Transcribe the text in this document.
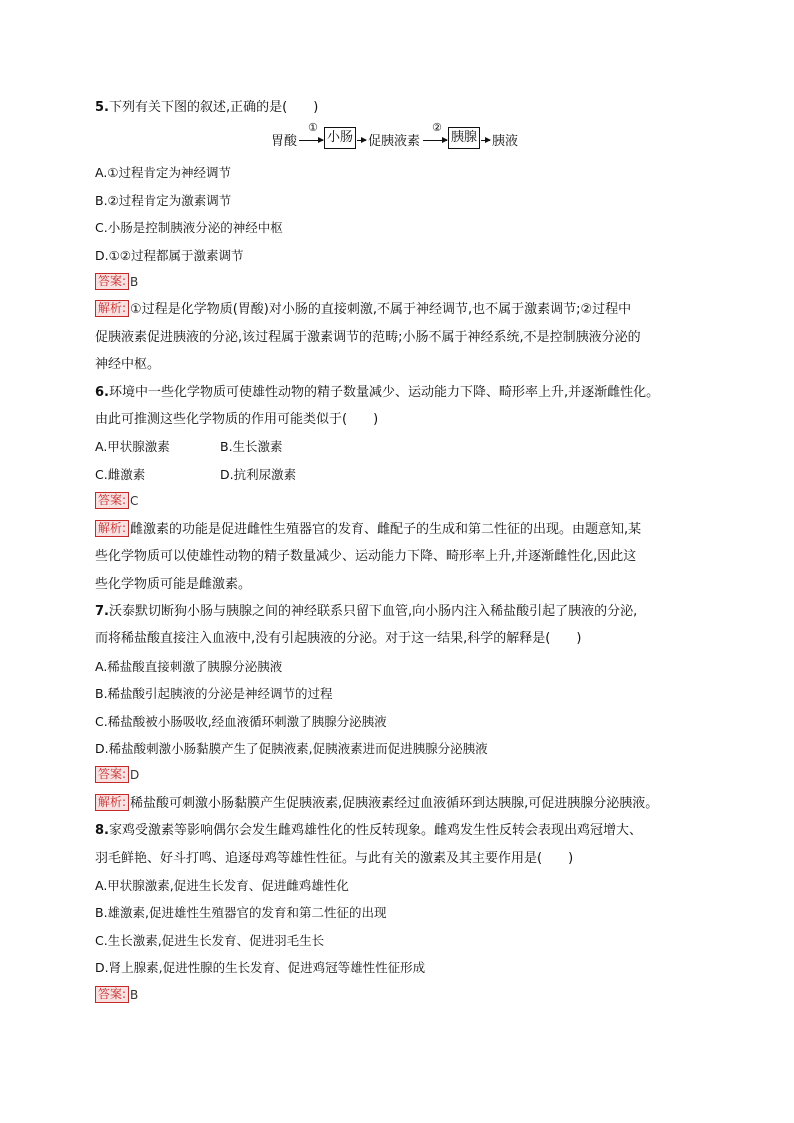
5.下列有关下图的叙述,正确的是(　　)
胃酸
①
小肠 促胰液素
②
胰腺 胰液
A.①过程肯定为神经调节
B.②过程肯定为激素调节
C.小肠是控制胰液分泌的神经中枢
D.①②过程都属于激素调节
答案: B
解析: ①过程是化学物质(胃酸)对小肠的直接刺激,不属于神经调节,也不属于激素调节;②过程中
促胰液素促进胰液的分泌,该过程属于激素调节的范畴;小肠不属于神经系统,不是控制胰液分泌的
神经中枢。
6.环境中一些化学物质可使雄性动物的精子数量减少、运动能力下降、畸形率上升,并逐渐雌性化。
由此可推测这些化学物质的作用可能类似于(　　)
A.甲状腺激素	B.生长激素
C.雌激素	D.抗利尿激素
答案: C
解析: 雌激素的功能是促进雌性生殖器官的发育、雌配子的生成和第二性征的出现。由题意知,某
些化学物质可以使雄性动物的精子数量减少、运动能力下降、畸形率上升,并逐渐雌性化,因此这
些化学物质可能是雌激素。
7.沃泰默切断狗小肠与胰腺之间的神经联系只留下血管,向小肠内注入稀盐酸引起了胰液的分泌,
而将稀盐酸直接注入血液中,没有引起胰液的分泌。对于这一结果,科学的解释是(　　)
A.稀盐酸直接刺激了胰腺分泌胰液
B.稀盐酸引起胰液的分泌是神经调节的过程
C.稀盐酸被小肠吸收,经血液循环刺激了胰腺分泌胰液
D.稀盐酸刺激小肠黏膜产生了促胰液素,促胰液素进而促进胰腺分泌胰液
答案: D
解析: 稀盐酸可刺激小肠黏膜产生促胰液素,促胰液素经过血液循环到达胰腺,可促进胰腺分泌胰液。
8.家鸡受激素等影响偶尔会发生雌鸡雄性化的性反转现象。雌鸡发生性反转会表现出鸡冠增大、
羽毛鲜艳、好斗打鸣、追逐母鸡等雄性性征。与此有关的激素及其主要作用是(　　)
A.甲状腺激素,促进生长发育、促进雌鸡雄性化
B.雄激素,促进雄性生殖器官的发育和第二性征的出现
C.生长激素,促进生长发育、促进羽毛生长
D.肾上腺素,促进性腺的生长发育、促进鸡冠等雄性性征形成
答案: B
